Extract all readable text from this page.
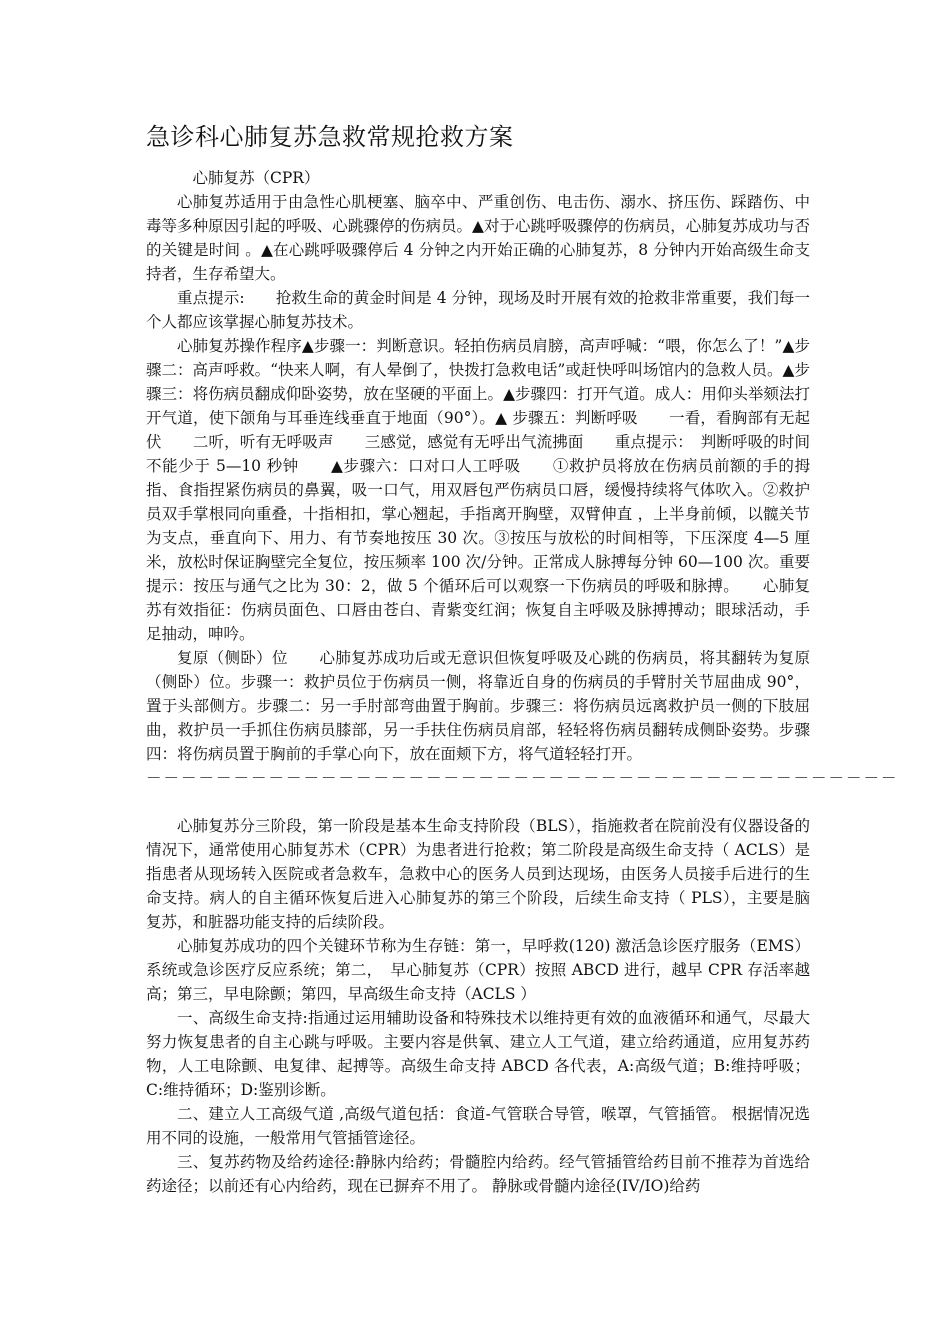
急诊科心肺复苏急救常规抢救方案

心肺复苏（CPR）

心肺复苏适用于由急性心肌梗塞、脑卒中、严重创伤、电击伤、溺水、挤压伤、踩踏伤、中毒等多种原因引起的呼吸、心跳骤停的伤病员。▲对于心跳呼吸骤停的伤病员，心肺复苏成功与否的关键是时间 。▲在心跳呼吸骤停后 4 分钟之内开始正确的心肺复苏，8 分钟内开始高级生命支持者，生存希望大。

重点提示:　　抢救生命的黄金时间是 4 分钟，现场及时开展有效的抢救非常重要，我们每一个人都应该掌握心肺复苏技术。

心肺复苏操作程序▲步骤一：判断意识。轻拍伤病员肩膀，高声呼喊：“喂，你怎么了！”▲步骤二：高声呼救。“快来人啊，有人晕倒了，快拨打急救电话”或赶快呼叫场馆内的急救人员。▲步骤三：将伤病员翻成仰卧姿势，放在坚硬的平面上。▲步骤四：打开气道。成人：用仰头举颏法打开气道，使下颌角与耳垂连线垂直于地面（90°）。▲ 步骤五：判断呼吸　　一看，看胸部有无起伏　　二听，听有无呼吸声　　三感觉，感觉有无呼出气流拂面　　重点提示：　判断呼吸的时间不能少于 5—10 秒钟　　▲步骤六：口对口人工呼吸　　①救护员将放在伤病员前额的手的拇指、食指捏紧伤病员的鼻翼，吸一口气，用双唇包严伤病员口唇，缓慢持续将气体吹入。②救护员双手掌根同向重叠，十指相扣，掌心翘起，手指离开胸壁，双臂伸直 ，上半身前倾，以髋关节为支点，垂直向下、用力、有节奏地按压 30 次。③按压与放松的时间相等，下压深度 4—5 厘米，放松时保证胸壁完全复位，按压频率 100 次/分钟。正常成人脉搏每分钟 60—100 次。重要提示：按压与通气之比为 30：2，做 5 个循环后可以观察一下伤病员的呼吸和脉搏。　　心肺复苏有效指征：伤病员面色、口唇由苍白、青紫变红润；恢复自主呼吸及脉搏搏动；眼球活动，手足抽动，呻吟。

复原（侧卧）位　　心肺复苏成功后或无意识但恢复呼吸及心跳的伤病员，将其翻转为复原（侧卧）位。步骤一：救护员位于伤病员一侧，将靠近自身的伤病员的手臂肘关节屈曲成 90°，置于头部侧方。步骤二：另一手肘部弯曲置于胸前。步骤三：将伤病员远离救护员一侧的下肢屈曲，救护员一手抓住伤病员膝部，另一手扶住伤病员肩部，轻轻将伤病员翻转成侧卧姿势。步骤四：将伤病员置于胸前的手掌心向下，放在面颊下方，将气道轻轻打开。

－－－－－－－－－－－－－－－－－－－－－－－－－－－－－－－－－－－－－－－－－－－

心肺复苏分三阶段，第一阶段是基本生命支持阶段（BLS），指施救者在院前没有仪器设备的情况下，通常使用心肺复苏术（CPR）为患者进行抢救；第二阶段是高级生命支持（ ACLS）是指患者从现场转入医院或者急救车，急救中心的医务人员到达现场，由医务人员接手后进行的生命支持。病人的自主循环恢复后进入心肺复苏的第三个阶段，后续生命支持（ PLS），主要是脑复苏，和脏器功能支持的后续阶段。

心肺复苏成功的四个关键环节称为生存链：第一，早呼救(120) 激活急诊医疗服务（EMS）系统或急诊医疗反应系统；第二，　早心肺复苏（CPR）按照 ABCD 进行，越早 CPR 存活率越高；第三，早电除颤；第四，早高级生命支持（ACLS ）

一、高级生命支持:指通过运用辅助设备和特殊技术以维持更有效的血液循环和通气，尽最大努力恢复患者的自主心跳与呼吸。主要内容是供氧、建立人工气道，建立给药通道，应用复苏药物，人工电除颤、电复律、起搏等。高级生命支持 ABCD 各代表，A:高级气道；B:维持呼吸；C:维持循环；D:鉴别诊断。

二、建立人工高级气道 ,高级气道包括：食道-气管联合导管，喉罩，气管插管。 根据情况选用不同的设施，一般常用气管插管途径。

三、复苏药物及给药途径:静脉内给药；骨髓腔内给药。经气管插管给药目前不推荐为首选给药途径；以前还有心内给药，现在已摒弃不用了。 静脉或骨髓内途径(IV/IO)给药
